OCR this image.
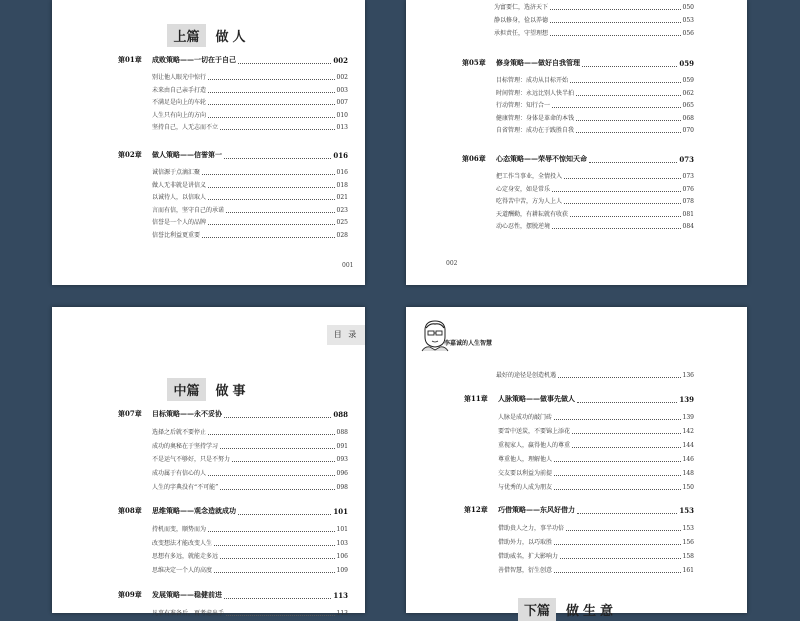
上篇 做人
001
第01章 成败策略——一切在于自己	002
别让他人眼光中惊行	002
未来由自己亲手打造	003
不满足是向上的车轮	007
人生只有向上的方向	010
坚持自己，人无志而不立	013
第02章 做人策略——信誉第一	016
诚信源于点滴汇聚	016
做人无非就是讲信义	018
以诚待人，以信取人	021
言而有信，坚守自己的承诺	023
信誉是一个人的品牌	025
信誉比利益更重要	028
002
为富要仁，选济天下	050
静以修身，俭以养德	053
承担责任，守望理想	056
第05章 修身策略——做好自我管理	059
目标管理：成功从目标开始	059
时间管理：永远比别人快半拍	062
行动管理：知行合一	065
健康管理：身体是革命的本钱	068
自省管理：成功在于践胜自我	070
第06章 心态策略——荣辱不惊知天命	073
把工作当事业，全情投入	073
心定身安，如是常乐	076
吃得苦中苦，方为人上人	078
天道酬勤，有耕耘就有收获	081
动心忍性，摆脱逆境	084
目 录
中篇 做事
第07章 目标策略——永不妥协	088
选择之后就不要停止	088
成功的奥秘在于坚持学习	091
不是运气不够好，只是不努力	093
成功属于有信心的人	096
人生的字典没有“不可能”	098
第08章 思维策略——观念造就成功	101
持机而变，顺势而为	101
改变想法才能改变人生	103
思想有多远，就能走多远	106
思维决定一个人的高度	109
第09章 发展策略——稳健前进	113
凡事有准备后，再考虑出手	113
李嘉诚的人生智慧
下篇 做生意
最好的途径是创造机遇	136
第11章 人脉策略——做事先做人	139
人脉是成功的敲门砖	139
要雪中送炭，不要锦上添花	142
重视家人，赢得他人的尊重	144
尊重他人，理解他人	146
交友要以利益为前提	148
与优秀的人成为朋友	150
第12章 巧借策略——东风好借力	153
借助贵人之力，事半功倍	153
借助外力，以巧取胜	156
借助威名，扩大影响力	158
善借智慧，衍生创意	161
